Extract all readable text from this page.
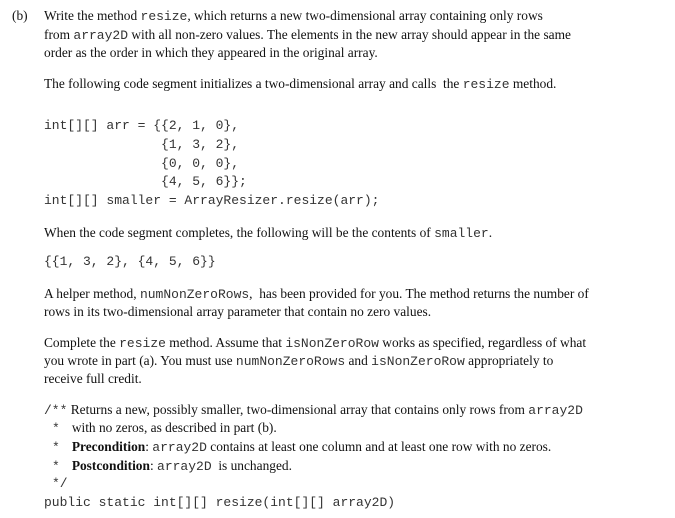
(b) Write the method resize, which returns a new two-dimensional array containing only rows
from array2D with all non-zero values. The elements in the new array should appear in the same
order as the order in which they appeared in the original array.
The following code segment initializes a two-dimensional array and calls  the resize method.
int[][] arr = {{2, 1, 0},
{1, 3, 2},
{0, 0, 0},
{4, 5, 6}};
int[][] smaller = ArrayResizer.resize(arr);
When the code segment completes, the following will be the contents of smaller.
{{1, 3, 2}, {4, 5, 6}}
A helper method, numNonZeroRows,  has been provided for you. The method returns the number of
rows in its two-dimensional array parameter that contain no zero values.
Complete the resize method. Assume that isNonZeroRow works as specified, regardless of what
you wrote in part (a). You must use numNonZeroRows and isNonZeroRow appropriately to
receive full credit.
/** Returns a new, possibly smaller, two-dimensional array that contains only rows from array2D
* with no zeros, as described in part (b).
* Precondition: array2D contains at least one column and at least one row with no zeros.
* Postcondition: array2D  is unchanged.
*/
public static int[][] resize(int[][] array2D)
